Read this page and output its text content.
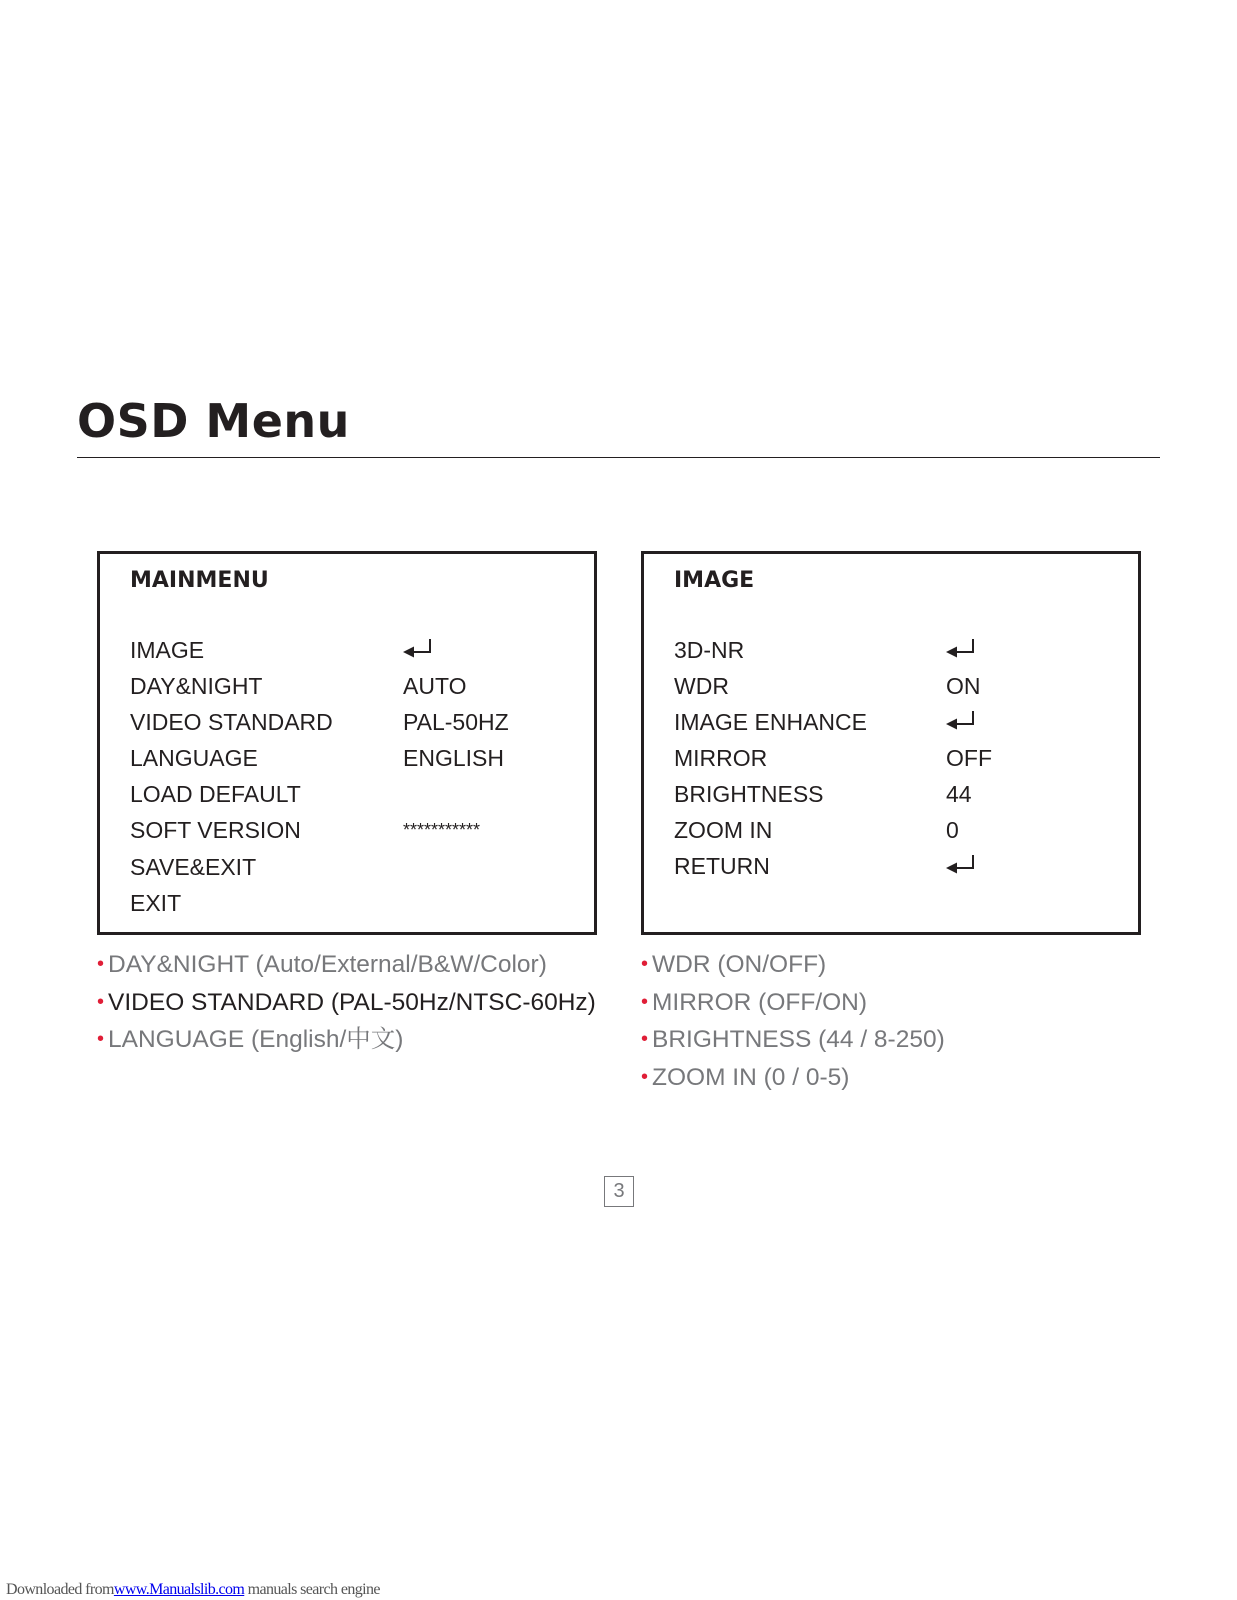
OSD Menu
MAINMENU
IMAGE
DAY&NIGHT	AUTO
VIDEO STANDARD	PAL-50HZ
LANGUAGE	ENGLISH
LOAD DEFAULT
SOFT VERSION	***********
SAVE&EXIT
EXIT
IMAGE
3D-NR
WDR	ON
IMAGE ENHANCE
MIRROR	OFF
BRIGHTNESS	44
ZOOM IN	0
RETURN
• DAY&NIGHT (Auto/External/B&W/Color)
• VIDEO STANDARD (PAL-50Hz/NTSC-60Hz)
• LANGUAGE (English/中文)
• WDR (ON/OFF)
• MIRROR (OFF/ON)
• BRIGHTNESS (44 / 8-250)
• ZOOM IN (0 / 0-5)
3
Downloaded fromwww.Manualslib.com manuals search engine
